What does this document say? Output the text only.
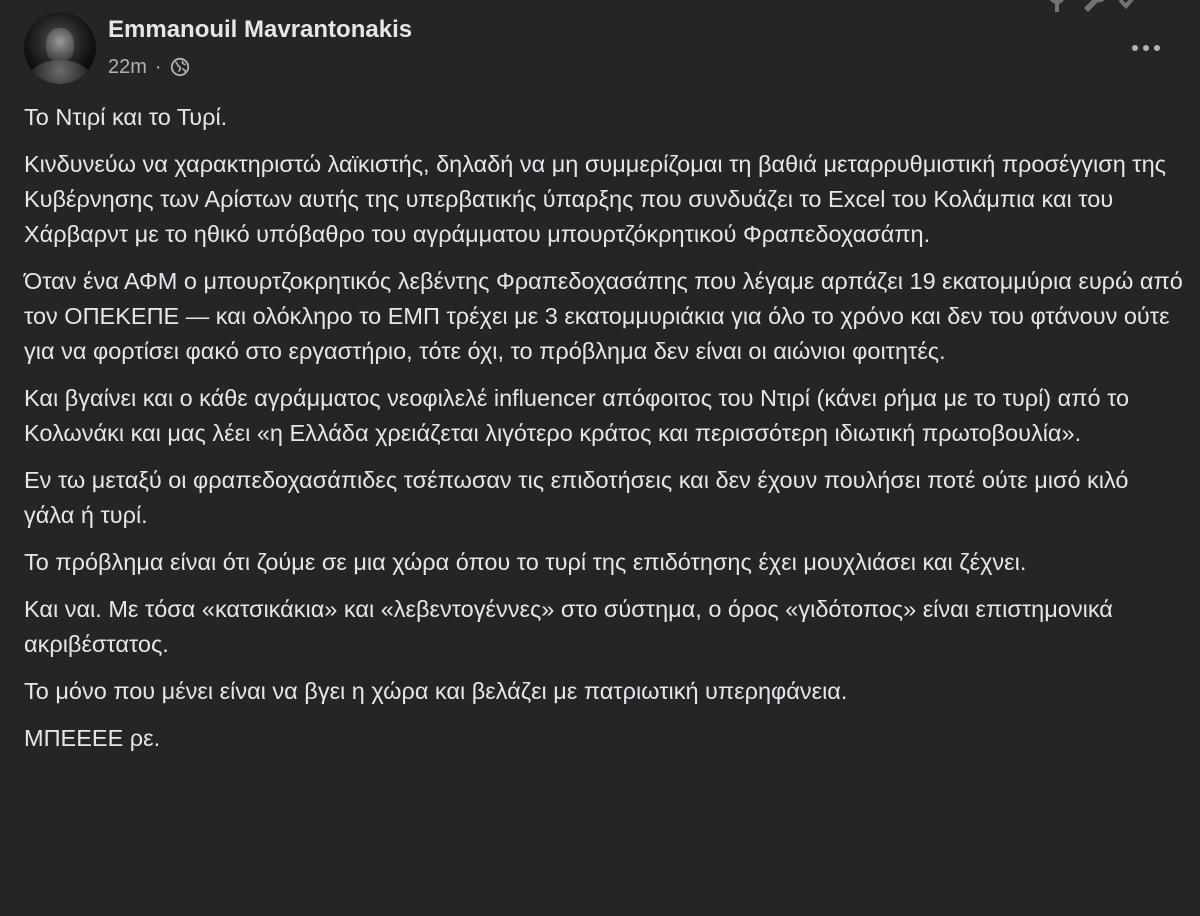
Emmanouil Mavrantonakis
22m ·

Το Ντιρί και το Τυρί.

Κινδυνεύω να χαρακτηριστώ λαϊκιστής, δηλαδή να μη συμμερίζομαι τη βαθιά μεταρρυθμιστική προσέγγιση της Κυβέρνησης των Αρίστων αυτής της υπερβατικής ύπαρξης που συνδυάζει το Excel του Κολάμπια και του Χάρβαρντ με το ηθικό υπόβαθρο του αγράμματου μπουρτζόκρητικού Φραπεδοχασάπη.

Όταν ένα ΑΦΜ ο μπουρτζοκρητικός λεβέντης Φραπεδοχασάπης που λέγαμε αρπάζει 19 εκατομμύρια ευρώ από τον ΟΠΕΚΕΠΕ — και ολόκληρο το ΕΜΠ τρέχει με 3 εκατομμυριάκια για όλο το χρόνο και δεν του φτάνουν ούτε για να φορτίσει φακό στο εργαστήριο, τότε όχι, το πρόβλημα δεν είναι οι αιώνιοι φοιτητές.

Και βγαίνει και ο κάθε αγράμματος νεοφιλελέ influencer απόφοιτος του Ντιρί (κάνει ρήμα με το τυρί) από το Κολωνάκι και μας λέει «η Ελλάδα χρειάζεται λιγότερο κράτος και περισσότερη ιδιωτική πρωτοβουλία».

Εν τω μεταξύ οι φραπεδοχασάπιδες τσέπωσαν τις επιδοτήσεις και δεν έχουν πουλήσει ποτέ ούτε μισό κιλό γάλα ή τυρί.

Το πρόβλημα είναι ότι ζούμε σε μια χώρα όπου το τυρί της επιδότησης έχει μουχλιάσει και ζέχνει.

Και ναι. Με τόσα «κατσικάκια» και «λεβεντογέννες» στο σύστημα, ο όρος «γιδότοπος» είναι επιστημονικά ακριβέστατος.

Το μόνο που μένει είναι να βγει η χώρα και βελάζει με πατριωτική υπερηφάνεια.

ΜΠΕΕΕΕ ρε.
